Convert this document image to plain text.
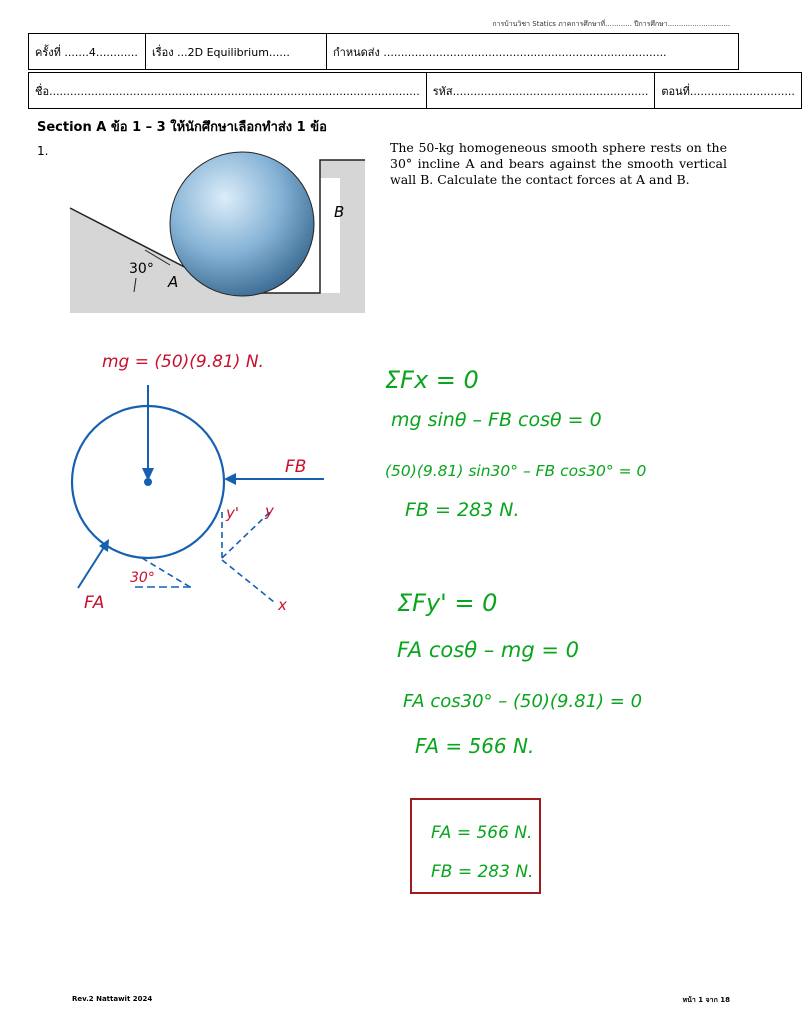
การบ้านวิชา Statics ภาคการศึกษาที่............ ปีการศึกษา............................
ครั้งที่ .......4............	เรื่อง ...2D Equilibrium......	กำหนดส่ง .................................................................................
ชื่อ..........................................................................................................	รหัส........................................................	ตอนที่..............................
Section A ข้อ 1 – 3 ให้นักศึกษาเลือกทำส่ง 1 ข้อ
1.	The 50-kg homogeneous smooth sphere rests on the 30° incline A and bears against the smooth vertical wall B. Calculate the contact forces at A and B.
30°
A
B
mg = (50)(9.81) N.
FB
FA
30°
y' y
x
ΣFx = 0
mg sinθ – FB cosθ = 0
(50)(9.81) sin30° – FB cos30° = 0
FB = 283 N.
ΣFy' = 0
FA cosθ – mg = 0
FA cos30° – (50)(9.81) = 0
FA = 566 N.
FA = 566 N.
FB = 283 N.
Rev.2 Nattawit 2024	หน้า 1 จาก 18
